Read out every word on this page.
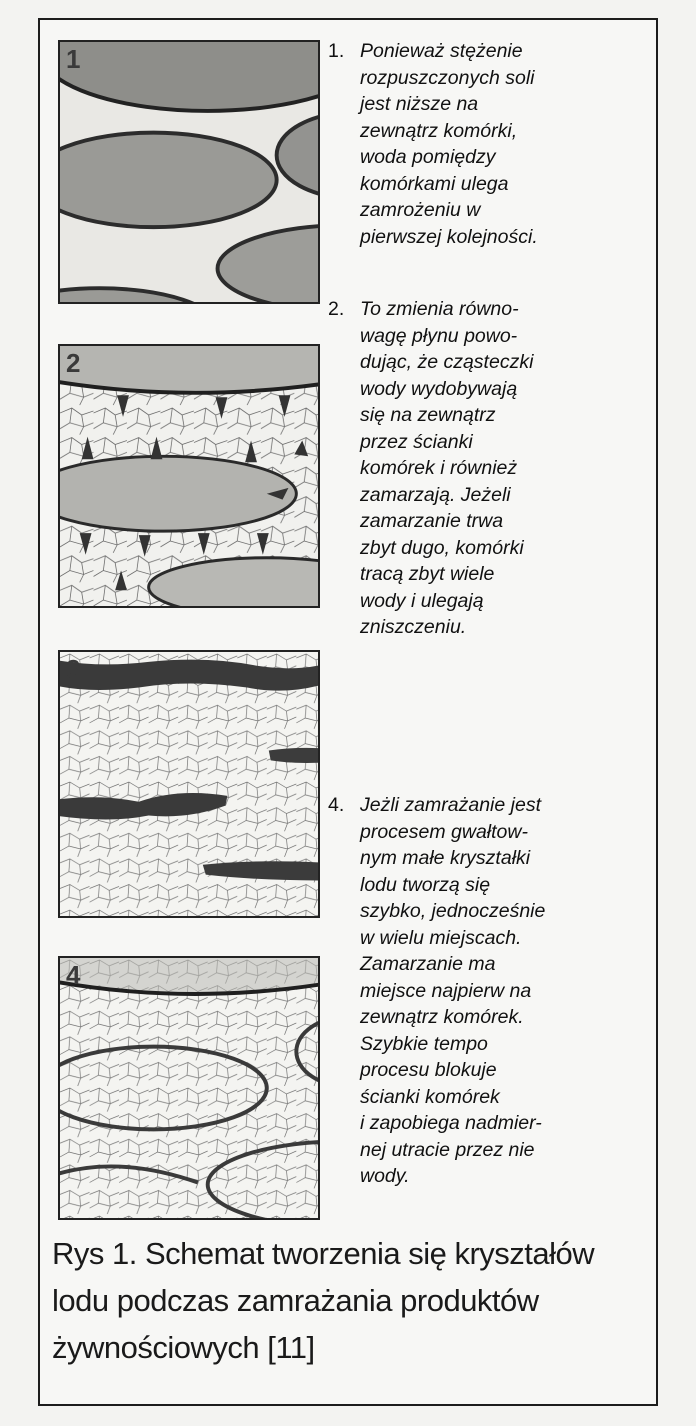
1
2
3
4
1. Ponieważ stężenie
rozpuszczonych soli
jest niższe na
zewnątrz komórki,
woda pomiędzy
komórkami ulega
zamrożeniu w
pierwszej kolejności.
2. To zmienia równo-
wagę płynu powo-
dując, że cząsteczki
wody wydobywają
się na zewnątrz
przez ścianki
komórek i również
zamarzają. Jeżeli
zamarzanie trwa
zbyt dugo, komórki
tracą zbyt wiele
wody i ulegają
zniszczeniu.
4. Jeżli zamrażanie jest
procesem gwałtow-
nym małe kryształki
lodu tworzą się
szybko, jednocześnie
w wielu miejscach.
Zamarzanie ma
miejsce najpierw na
zewnątrz komórek.
Szybkie tempo
procesu blokuje
ścianki komórek
i zapobiega nadmier-
nej utracie przez nie
wody.
Rys 1. Schemat tworzenia się kryształów
lodu podczas zamrażania produktów
żywnościowych [11]
